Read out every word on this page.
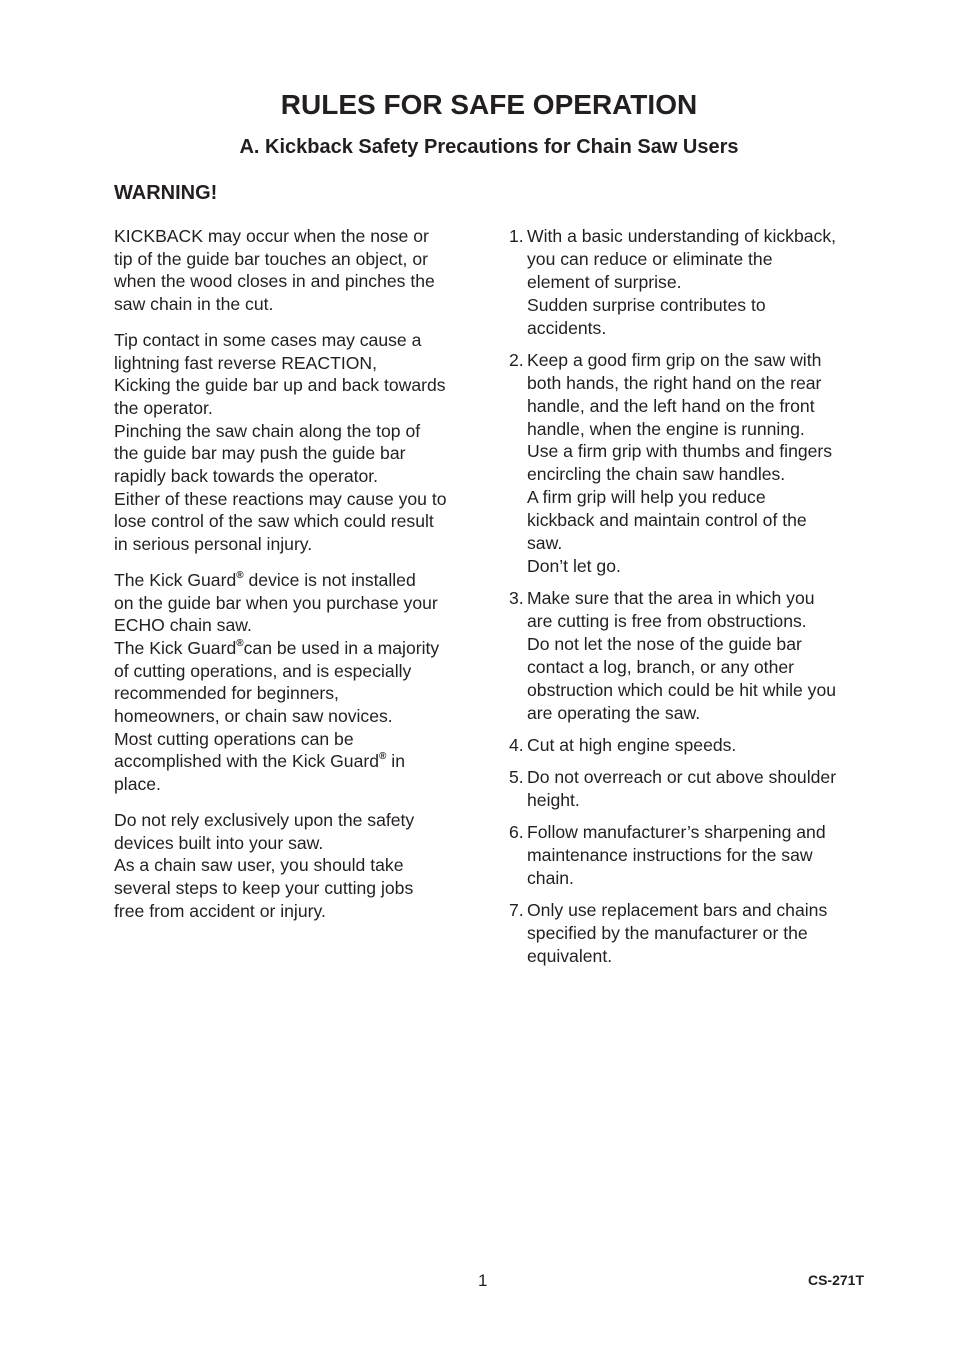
RULES FOR SAFE OPERATION
A. Kickback Safety Precautions for Chain Saw Users
WARNING!

KICKBACK may occur when the nose or
tip of the guide bar touches an object, or
when the wood closes in and pinches the
saw chain in the cut.

Tip contact in some cases may cause a
lightning fast reverse REACTION,
Kicking the guide bar up and back towards
the operator.
Pinching the saw chain along the top of
the guide bar may push the guide bar
rapidly back towards the operator.
Either of these reactions may cause you to
lose control of the saw which could result
in serious personal injury.

The Kick Guard® device is not installed
on the guide bar when you purchase your
ECHO chain saw.
The Kick Guard®can be used in a majority
of cutting operations, and is especially
recommended for beginners,
homeowners, or chain saw novices.
Most cutting operations can be
accomplished with the Kick Guard® in
place.

Do not rely exclusively upon the safety
devices built into your saw.
As a chain saw user, you should take
several steps to keep your cutting jobs
free from accident or injury.

1. With a basic understanding of kickback,
you can reduce or eliminate the
element of surprise.
Sudden surprise contributes to
accidents.
2. Keep a good firm grip on the saw with
both hands, the right hand on the rear
handle, and the left hand on the front
handle, when the engine is running.
Use a firm grip with thumbs and fingers
encircling the chain saw handles.
A firm grip will help you reduce
kickback and maintain control of the
saw.
Don’t let go.
3. Make sure that the area in which you
are cutting is free from obstructions.
Do not let the nose of the guide bar
contact a log, branch, or any other
obstruction which could be hit while you
are operating the saw.
4. Cut at high engine speeds.
5. Do not overreach or cut above shoulder
height.
6. Follow manufacturer’s sharpening and
maintenance instructions for the saw
chain.
7. Only use replacement bars and chains
specified by the manufacturer or the
equivalent.
1	CS-271T
